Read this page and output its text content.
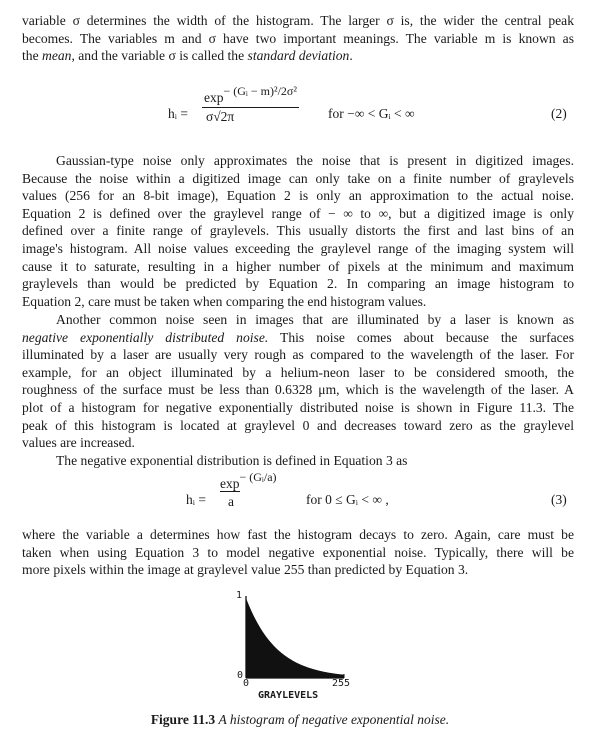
variable σ determines the width of the histogram. The larger σ is, the wider the central peak
becomes. The variables m and σ have two important meanings. The variable m is known as
the mean, and the variable σ is called the standard deviation.
hᵢ = $\frac{\text{exp− (Gᵢ − m)²/2σ²}}{\sigma√2\pi}$ for −∞ < Gᵢ < ∞	(2)
Gaussian-type noise only approximates the noise that is present in digitized images.
Because the noise within a digitized image can only take on a finite number of graylevels
values (256 for an 8-bit image), Equation 2 is only an approximation to the actual noise.
Equation 2 is defined over the graylevel range of − ∞ to ∞, but a digitized image is only
defined over a finite range of graylevels. This usually distorts the first and last bins of an
image's histogram. All noise values exceeding the graylevel range of the imaging system will
cause it to saturate, resulting in a higher number of pixels at the minimum and maximum
graylevels than would be predicted by Equation 2. In comparing an image histogram to
Equation 2, care must be taken when comparing the end histogram values.
Another common noise seen in images that are illuminated by a laser is known as
negative exponentially distributed noise. This noise comes about because the surfaces
illuminated by a laser are usually very rough as compared to the wavelength of the laser. For
example, for an object illuminated by a helium-neon laser to be considered smooth, the
roughness of the surface must be less than 0.6328 μm, which is the wavelength of the laser. A
plot of a histogram for negative exponentially distributed noise is shown in Figure 11.3. The
peak of this histogram is located at graylevel 0 and decreases toward zero as the graylevel
values are increased.
The negative exponential distribution is defined in Equation 3 as
hᵢ =
exp− (Gᵢ/a)
a	for 0 ≤ Gᵢ < ∞ ,	(3)
where the variable a determines how fast the histogram decays to zero. Again, care must be
taken when using Equation 3 to model negative exponential noise. Typically, there will be
more pixels within the image at graylevel value 255 than predicted by Equation 3.
1
0
0	255
GRAYLEVELS
Figure 11.3 A histogram of negative exponential noise.
